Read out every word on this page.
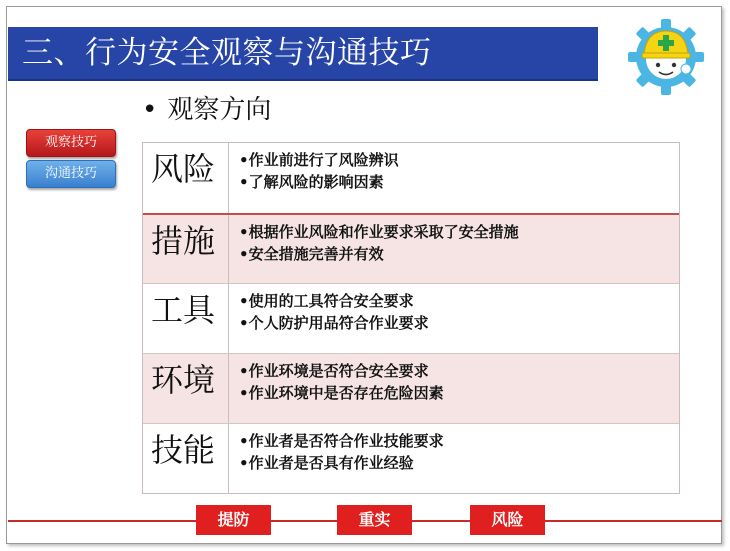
三、行为安全观察与沟通技巧
• 观察方向
观察技巧
沟通技巧	风险	•作业前进行了风险辨识
•了解风险的影响因素
措施	•根据作业风险和作业要求采取了安全措施
•安全措施完善并有效
工具	•使用的工具符合安全要求
•个人防护用品符合作业要求
环境	•作业环境是否符合安全要求
•作业环境中是否存在危险因素
技能	•作业者是否符合作业技能要求
•作业者是否具有作业经验
提防	重实	风险
